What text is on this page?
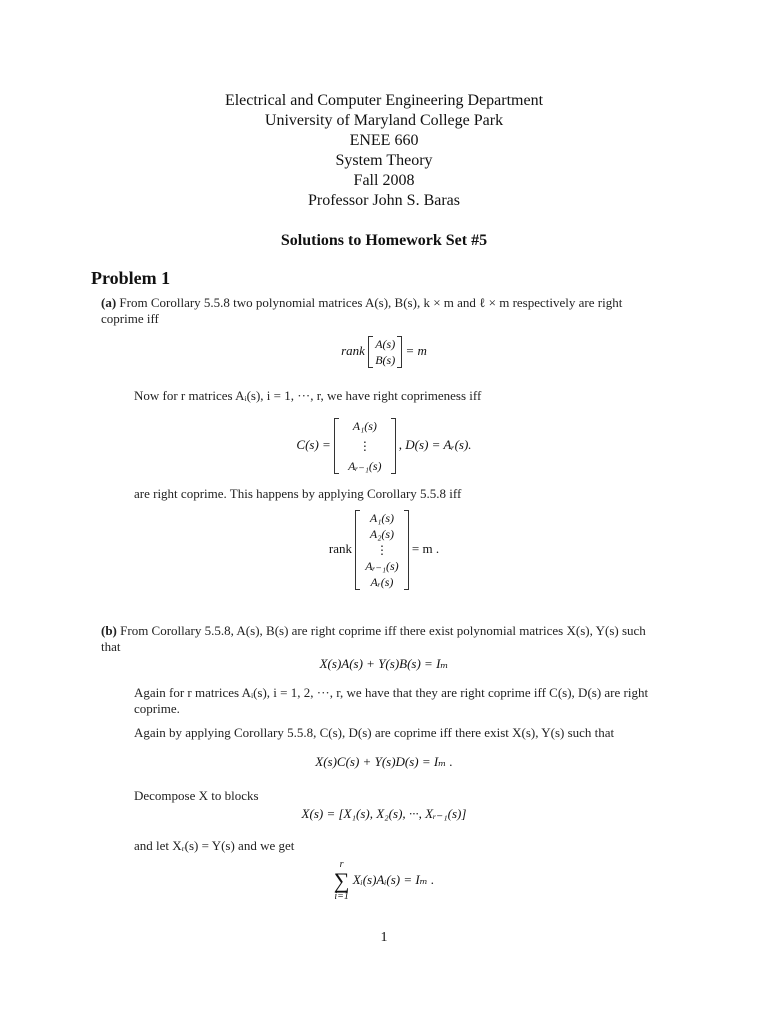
Electrical and Computer Engineering Department
University of Maryland College Park
ENEE 660
System Theory
Fall 2008
Professor John S. Baras
Solutions to Homework Set #5
Problem 1
(a) From Corollary 5.5.8 two polynomial matrices A(s), B(s), k × m and ℓ × m respectively are right coprime iff
rank A(s)
B(s)
= m
Now for r matrices Aᵢ(s), i = 1, ···, r, we have right coprimeness iff
C(s) =
A₁(s)
⋮
Aᵣ₋₁(s)
, D(s) = Aᵣ(s).
are right coprime. This happens by applying Corollary 5.5.8 iff
rank
A₁(s)
A₂(s)
⋮
Aᵣ₋₁(s)
Aᵣ(s)
= m .
(b) From Corollary 5.5.8, A(s), B(s) are right coprime iff there exist polynomial matrices X(s), Y(s) such that
X(s)A(s) + Y(s)B(s) = Iₘ
Again for r matrices Aᵢ(s), i = 1, 2, ···, r, we have that they are right coprime iff C(s), D(s) are right coprime.
Again by applying Corollary 5.5.8, C(s), D(s) are coprime iff there exist X(s), Y(s) such that
X(s)C(s) + Y(s)D(s) = Iₘ .
Decompose X to blocks
X(s) = [X₁(s), X₂(s), ···, Xᵣ₋₁(s)]
and let Xᵣ(s) = Y(s) and we get
r
∑
i=1
Xᵢ(s)Aᵢ(s) = Iₘ .
1
